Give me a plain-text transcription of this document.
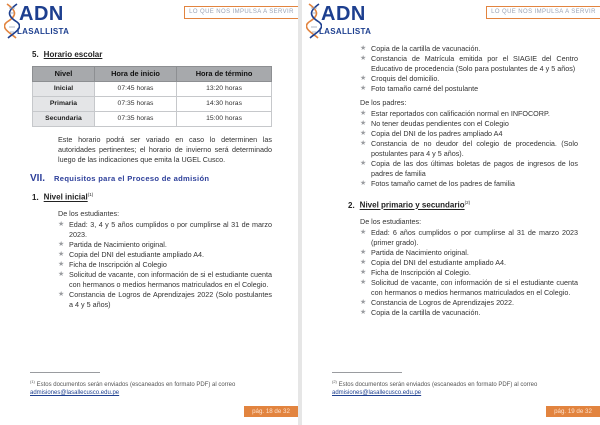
ADN
LASALLISTA
LO QUE NOS IMPULSA A SERVIR
5. Horario escolar
Nivel	Hora de inicio	Hora de término
Inicial	07:45 horas	13:20 horas
Primaria	07:35 horas	14:30 horas
Secundaria	07:35 horas	15:00 horas

Este horario podrá ser variado en caso lo determinen las autoridades pertinentes; el horario de invierno será determinado luego de las indicaciones que emita la UGEL Cusco.

VII. Requisitos para el Proceso de admisión
1. Nivel inicial$^{(1)}$

De los estudiantes:

★ Edad: 3, 4 y 5 años cumplidos o por cumplirse al 31 de marzo 2023.
★ Partida de Nacimiento original.
★ Copia del DNI del estudiante ampliado A4.
★ Ficha de Inscripción al Colegio
★ Solicitud de vacante, con información de si el estudiante cuenta con hermanos o medios hermanos matriculados en el Colegio.
★ Constancia de Logros de Aprendizajes 2022 (Solo postulantes a 4 y 5 años)
$^{(1)}$ Estos documentos serán enviados (escaneados en formato PDF) al correo admisiones@lasallecusco.edu.pe
pág. 18 de 32
ADN
LASALLISTA
LO QUE NOS IMPULSA A SERVIR
★ Copia de la cartilla de vacunación.
★ Constancia de Matrícula emitida por el SIAGIE del Centro Educativo de procedencia (Solo para postulantes de 4 y 5 años)
★ Croquis del domicilio.
★ Foto tamaño carné del postulante

De los padres:

★ Estar reportados con calificación normal en INFOCORP.
★ No tener deudas pendientes con el Colegio
★ Copia del DNI de los padres ampliado A4
★ Constancia de no deudor del colegio de procedencia. (Solo postulantes para 4 y 5 años).
★ Copia de las dos últimas boletas de pagos de ingresos de los padres de familia
★ Fotos tamaño carnet de los padres de familia
2. Nivel primario y secundario$^{(2)}$

De los estudiantes:

★ Edad: 6 años cumplidos o por cumplirse al 31 de marzo 2023 (primer grado).
★ Partida de Nacimiento original.
★ Copia del DNI del estudiante ampliado A4.
★ Ficha de Inscripción al Colegio.
★ Solicitud de vacante, con información de si el estudiante cuenta con hermanos o medios hermanos matriculados en el Colegio.
★ Constancia de Logros de Aprendizajes 2022.
★ Copia de la cartilla de vacunación.
$^{(2)}$ Estos documentos serán enviados (escaneados en formato PDF) al correo admisiones@lasallecusco.edu.pe
pág. 19 de 32
